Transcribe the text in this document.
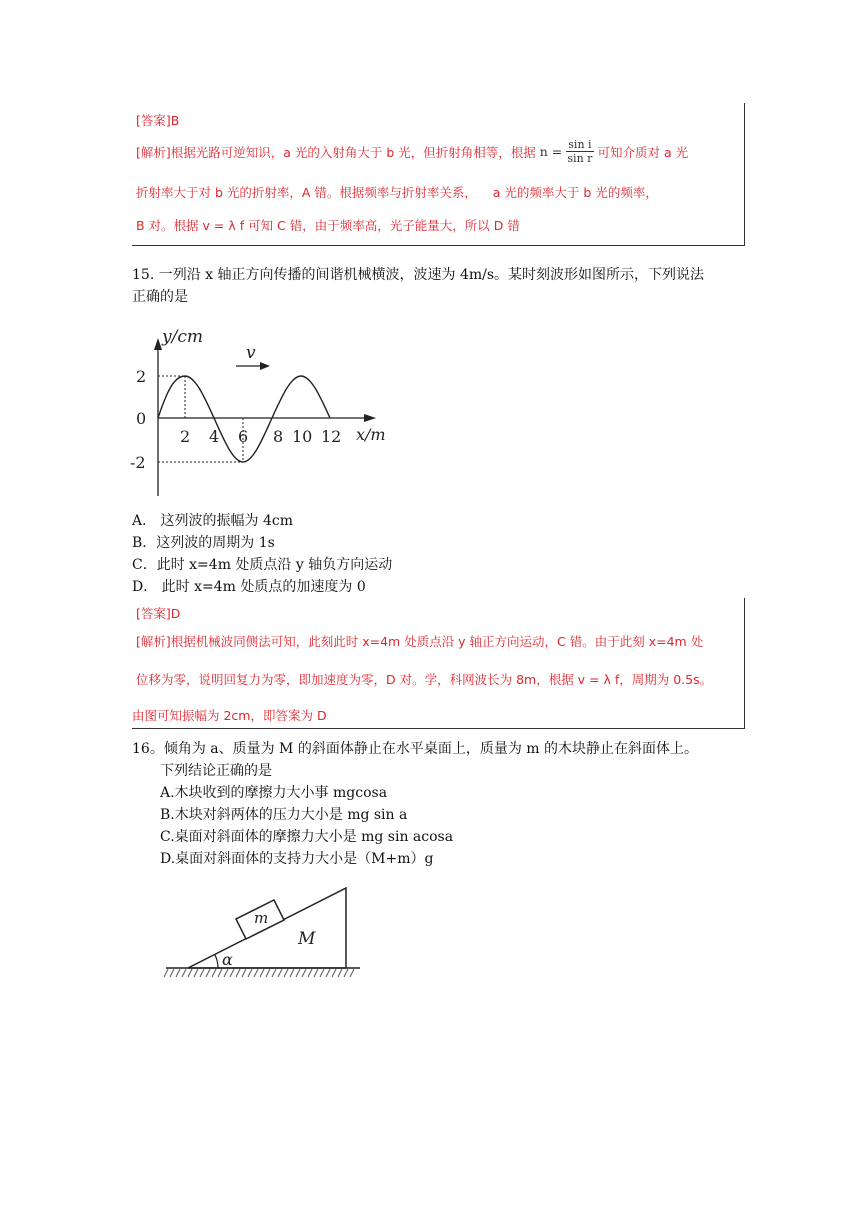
[答案]B
[解析]根据光路可逆知识，a 光的入射角大于 b 光，但折射角相等，根据 $n = \frac{\text{sin i}}{\text{sin r}}$ 可知介质对 a 光
折射率大于对 b 光的折射率，A 错。根据频率与折射率关系，    a 光的频率大于 b 光的频率，
B 对。根据 v = λ f 可知 C 错，由于频率高，光子能量大，所以 D 错
15. 一列沿 x 轴正方向传播的间谐机械横波，波速为 4m/s。某时刻波形如图所示，下列说法
正确的是
y/cm
x/m
v
2
0
-2
2 4 6 8 10 12
A． 这列波的振幅为 4cm
B．这列波的周期为 1s
C．此时 x=4m 处质点沿 y 轴负方向运动
D． 此时 x=4m 处质点的加速度为 0
[答案]D
[解析]根据机械波同侧法可知，此刻此时 x=4m 处质点沿 y 轴正方向运动，C 错。由于此刻 x=4m 处
位移为零，说明回复力为零，即加速度为零，D 对。学，科网波长为 8m，根据 v = λ f，周期为 0.5s。
由图可知振幅为 2cm，即答案为 D
16。倾角为 a、质量为 M 的斜面体静止在水平桌面上，质量为 m 的木块静止在斜面体上。
下列结论正确的是
A.木块收到的摩擦力大小事 mgcosa
B.木块对斜两体的压力大小是 mg sin a
C.桌面对斜面体的摩擦力大小是 mg sin acosa
D.桌面对斜面体的支持力大小是（M+m）g
m
M
α
